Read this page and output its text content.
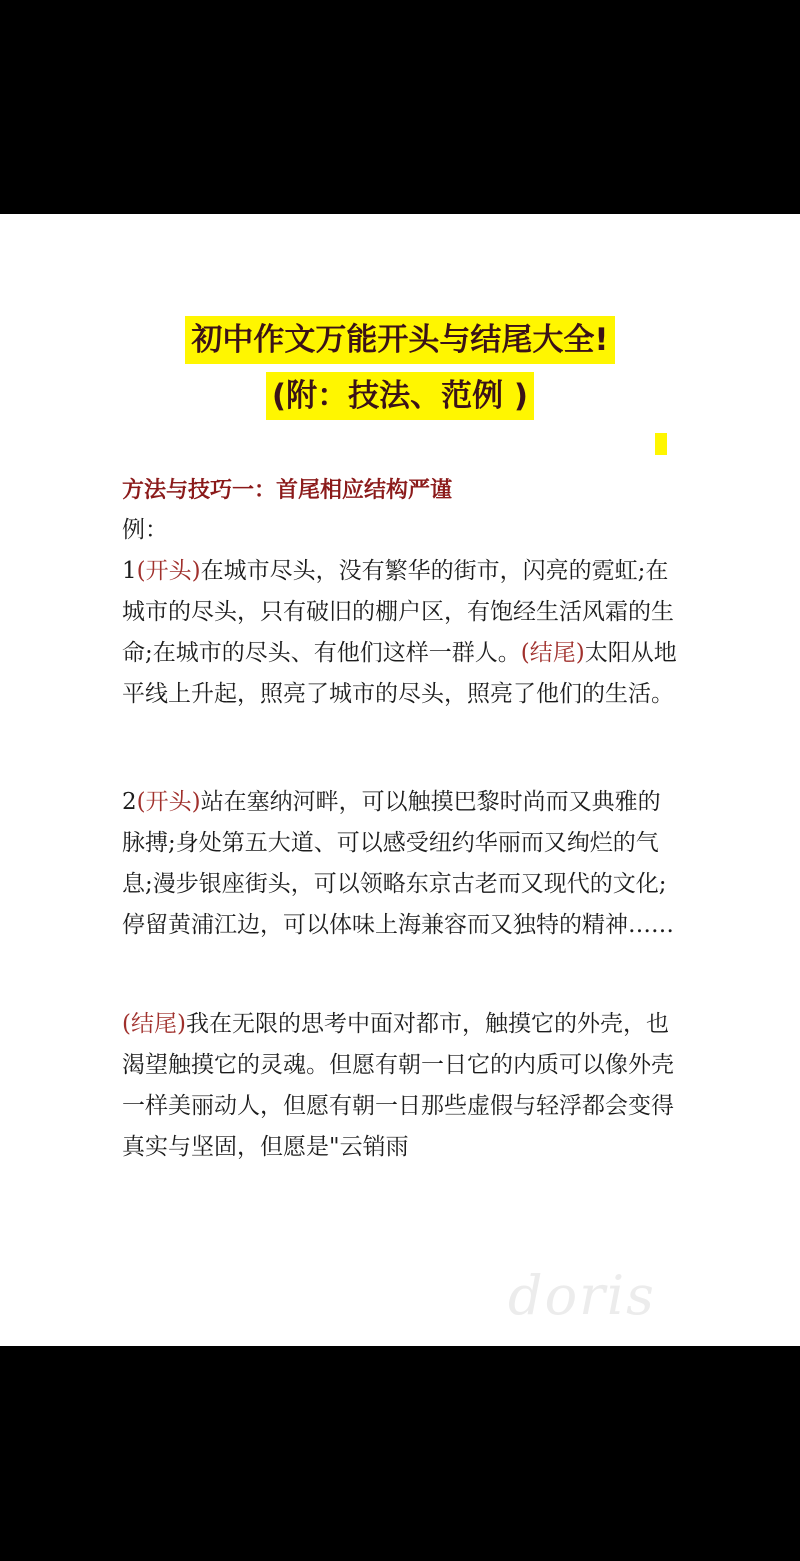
初中作文万能开头与结尾大全!
(附：技法、范例 )
方法与技巧一：首尾相应结构严谨

例：

1(开头)在城市尽头，没有繁华的街市，闪亮的霓虹;在城市的尽头，只有破旧的棚户区，有饱经生活风霜的生命;在城市的尽头、有他们这样一群人。(结尾)太阳从地平线上升起，照亮了城市的尽头，照亮了他们的生活。

2(开头)站在塞纳河畔，可以触摸巴黎时尚而又典雅的脉搏;身处第五大道、可以感受纽约华丽而又绚烂的气息;漫步银座街头，可以领略东京古老而又现代的文化;停留黄浦江边，可以体味上海兼容而又独特的精神……

(结尾)我在无限的思考中面对都市，触摸它的外壳，也渴望触摸它的灵魂。但愿有朝一日它的内质可以像外壳一样美丽动人，但愿有朝一日那些虚假与轻浮都会变得真实与坚固，但愿是"云销雨

doris
